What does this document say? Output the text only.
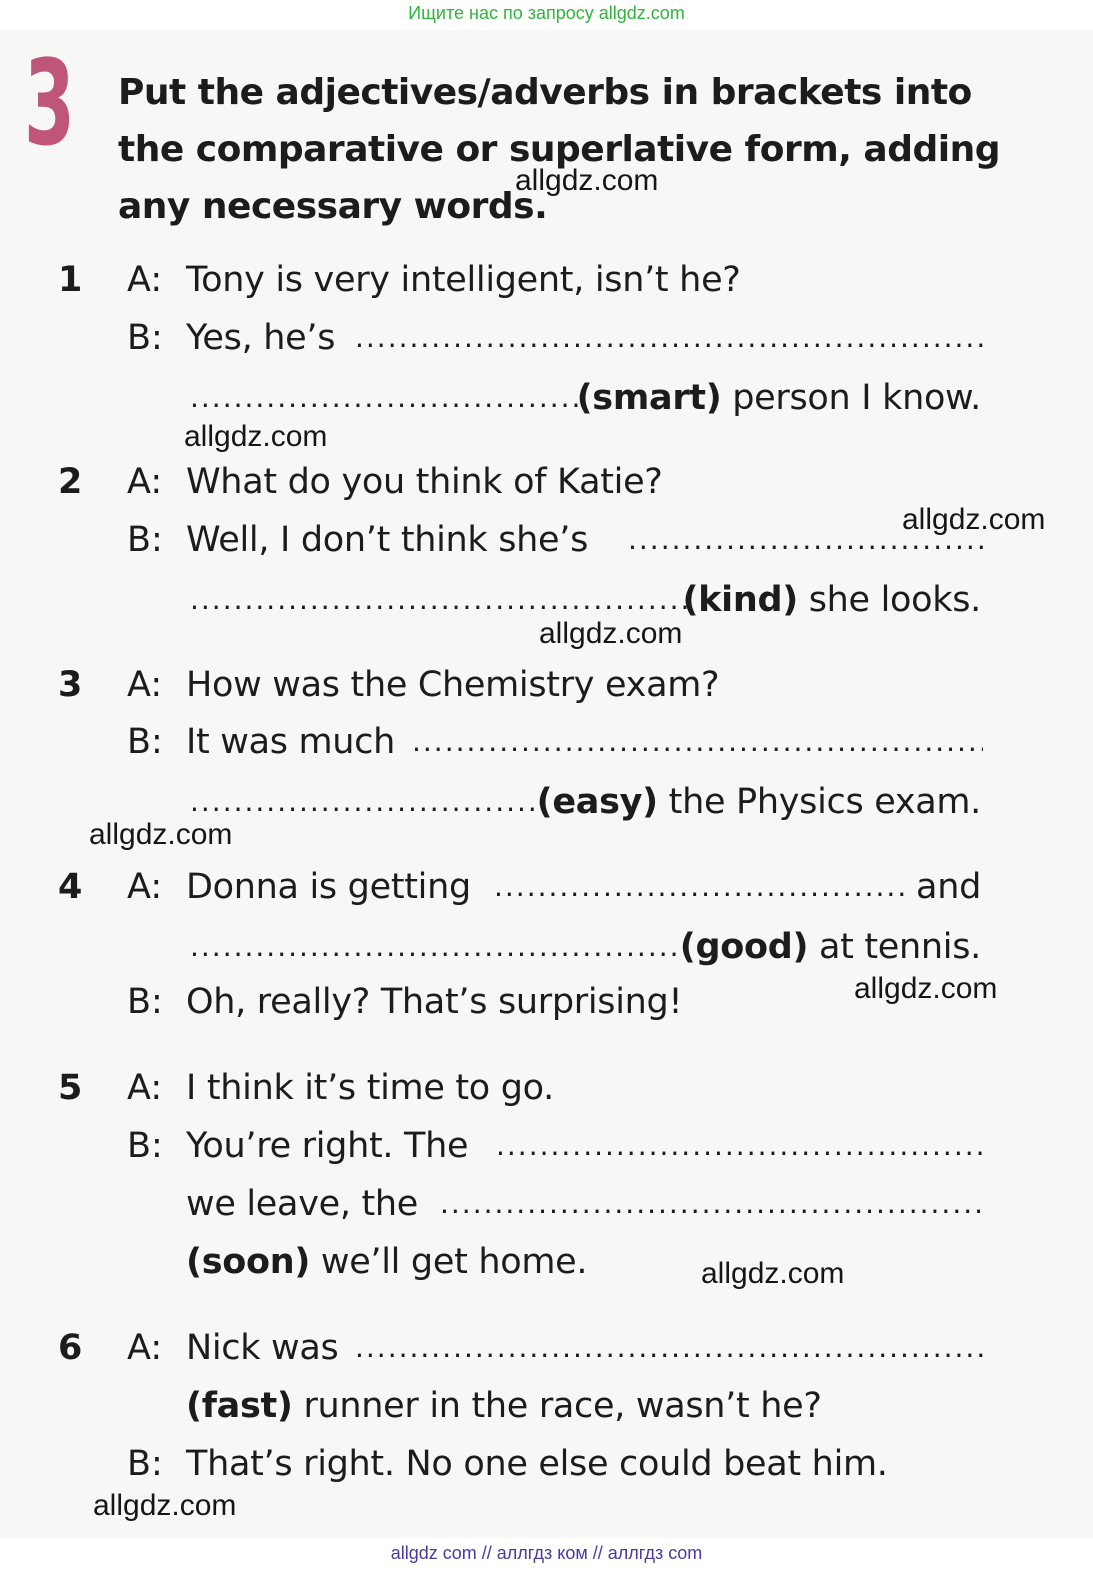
Ищите нас по запросу allgdz.com
3 Put the adjectives/adverbs in brackets into the comparative or superlative form, adding any necessary words.
1 A: Tony is very intelligent, isn’t he?
B: Yes, he’s
.....
.....
(smart) person I know.
2 A: What do you think of Katie?
B: Well, I don’t think she’s
.....
.....
(kind) she looks.
3 A: How was the Chemistry exam?
B: It was much
.....
.....
(easy) the Physics exam.
4 A: Donna is getting
.....	and
.....
(good) at tennis.
B: Oh, really? That’s surprising!
5 A: I think it’s time to go.
B: You’re right. The
.....
we leave, the
.....
(soon) we’ll get home.
6 A: Nick was
.....
(fast) runner in the race, wasn’t he?
B: That’s right. No one else could beat him.
allgdz.com
allgdz.com
allgdz.com
allgdz.com
allgdz.com
allgdz.com
allgdz.com
allgdz.com
allgdz com // аллгдз ком // аллгдз com
